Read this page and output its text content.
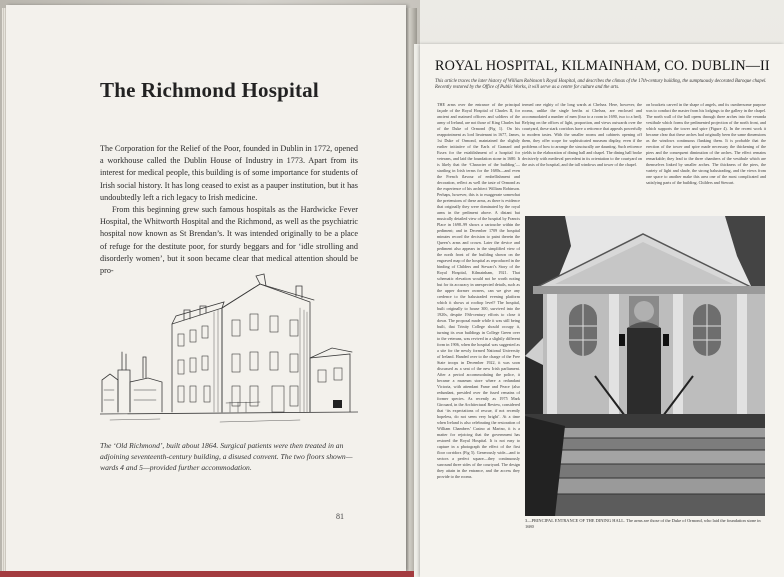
The Richmond Hospital

The Corporation for the Relief of the Poor, founded in Dublin in 1772, opened a workhouse called the Dublin House of Industry in 1773. Apart from its interest for medical people, this building is of some importance for students of Irish social history. It has long ceased to exist as a pauper institution, but it has undoubtedly left a rich legacy to Irish medicine.

From this beginning grew such famous hospitals as the Hardwicke Fever Hospital, the Whitworth Hospital and the Richmond, as well as the psychiatric hospital now known as St Brendan’s. It was intended originally to be a place of refuge for the destitute poor, for sturdy beggars and for ‘idle strolling and disorderly women’, but it soon became clear that medical attention should be pro-

The ‘Old Richmond’, built about 1864. Surgical patients were then treated in an adjoining seventeenth-century building, a disused convent. The two floors shown—wards 4 and 5—provided further accommodation.

81
ROYAL HOSPITAL, KILMAINHAM, CO. DUBLIN—II

This article traces the later history of William Robinson’s Royal Hospital, and describes the climax of the 17th-century building, the sumptuously decorated Baroque chapel. Recently restored by the Office of Public Works, it will serve as a centre for culture and the arts.

THE arms over the entrance of the principal façade of the Royal Hospital of Charles II, for ancient and maimed officers and soldiers of the army of Ireland, are not those of King Charles but of the Duke of Ormond (Fig 1). On his reappointment as lord lieutenant in 1677, James, 1st Duke of Ormond, maintained the slightly earlier initiative of the Earls of Granard and Essex for the establishment of a hospital for veterans, and laid the foundation stone in 1680. It is likely that the ‘Character of the building’—startling in Irish terms for the 1680s—and even the French flavour of embellishment and decoration, reflect as well the taste of Ormond as the experience of his architect William Robinson. Perhaps, however, this is to exaggerate somewhat the pretensions of these arms, as there is evidence that originally they were dominated by the royal arms in the pediment above. A distant but musically detailed view of the hospital by Francis Place in 1698–99 shows a cartouche within the pediment; and in December 1709 the hospital minutes record the decision to paint therein the Queen’s arms and crown. Later the device and pediment also appears in the simplified view of the north front of the building shown on the engraved map of the hospital as reproduced in the binding of Childers and Stewart’s Story of the Royal Hospital, Kilmainham, 1921. That schematic elevation would not be worth noting but for its accuracy in unexpected details, such as the upper dormer owners, can we give any credence to the balustraded evening platform which it shows at rooftop level? The hospital, built originally to house 300, survived into the 1920s, despite 19th-century efforts to close it down. The proposal made while it was still being built, that Trinity College should occupy it, turning its own buildings in College Green over to the veterans, was revived in a slightly different form in 1906, when the hospital was suggested as a site for the newly formed National University of Ireland. Handed over to the charge of the Free State troops in December 1922, it was soon discussed as a seat of the new Irish parliament. After a period accommodating the police, it became a museum store where a redundant Victoria, with attendant Fame and Peace (also redundant, presided over the fused remains of former species. As recently as 1975 Mark Girouard, in the Architectural Review, considered that ‘its expectations of rescue, if not recently hopeless, do not seem very bright’. At a time when Ireland is also celebrating the restoration of William Chambers’ Casino at Marino, it is a matter for rejoicing that the government has restored the Royal Hospital. It is not easy to capture in a photograph the effect of the first floor corridors (Fig 5). Generously wide—and to sectors a perfect square—they continuously surround three sides of the courtyard. The design they attain in the entrance, and the access they provide to the rooms.
termed one eighty of the long wards at Chelsea. Here, however, the rooms, unlike the single berths at Chelsea, are enclosed and accommodated a number of men (four to a room in 1690, two to a bed). Relying on the offices of light, proportion, and views outwards over the courtyard, these stark corridors have a reticence that appeals powerfully to modern tastes. With the smaller rooms and cabinets opening off them, they offer scope for sophisticated museum display, even if the problems of how to arrange the structurally are daunting. Such reticence yields to the elaboration of dining hall and chapel. The dining hall broke decisively with medieval precedent in its orientation to the courtyard on the axis of the hospital, and the tall windows and tower of the chapel.
on brackets carved in the shape of angels, and its cumbersome purpose was to conduct the master from his lodgings to the gallery in the chapel. The north wall of the hall opens through three arches into the veranda vestibule which forms the pedimented projection of the north front, and which supports the tower and spire (Figure 4). In the recent work it became clear that these arches had originally been the same dimensions as the windows continuous flanking them. It is probable that the erection of the tower and spire made necessary the thickening of the piers and the consequent diminution of the arches. The effect remains remarkable; they lead to the three chambers of the vestibule which are themselves linked by smaller arches. The thickness of the piers, the variety of light and shade, the strong balustrading, and the views from one space to another make this area one of the most complicated and satisfying parts of the building. Childers and Stewart.

3—PRINCIPAL ENTRANCE OF THE DINING HALL. The arms are those of the Duke of Ormond, who laid the foundation stone in 1680
